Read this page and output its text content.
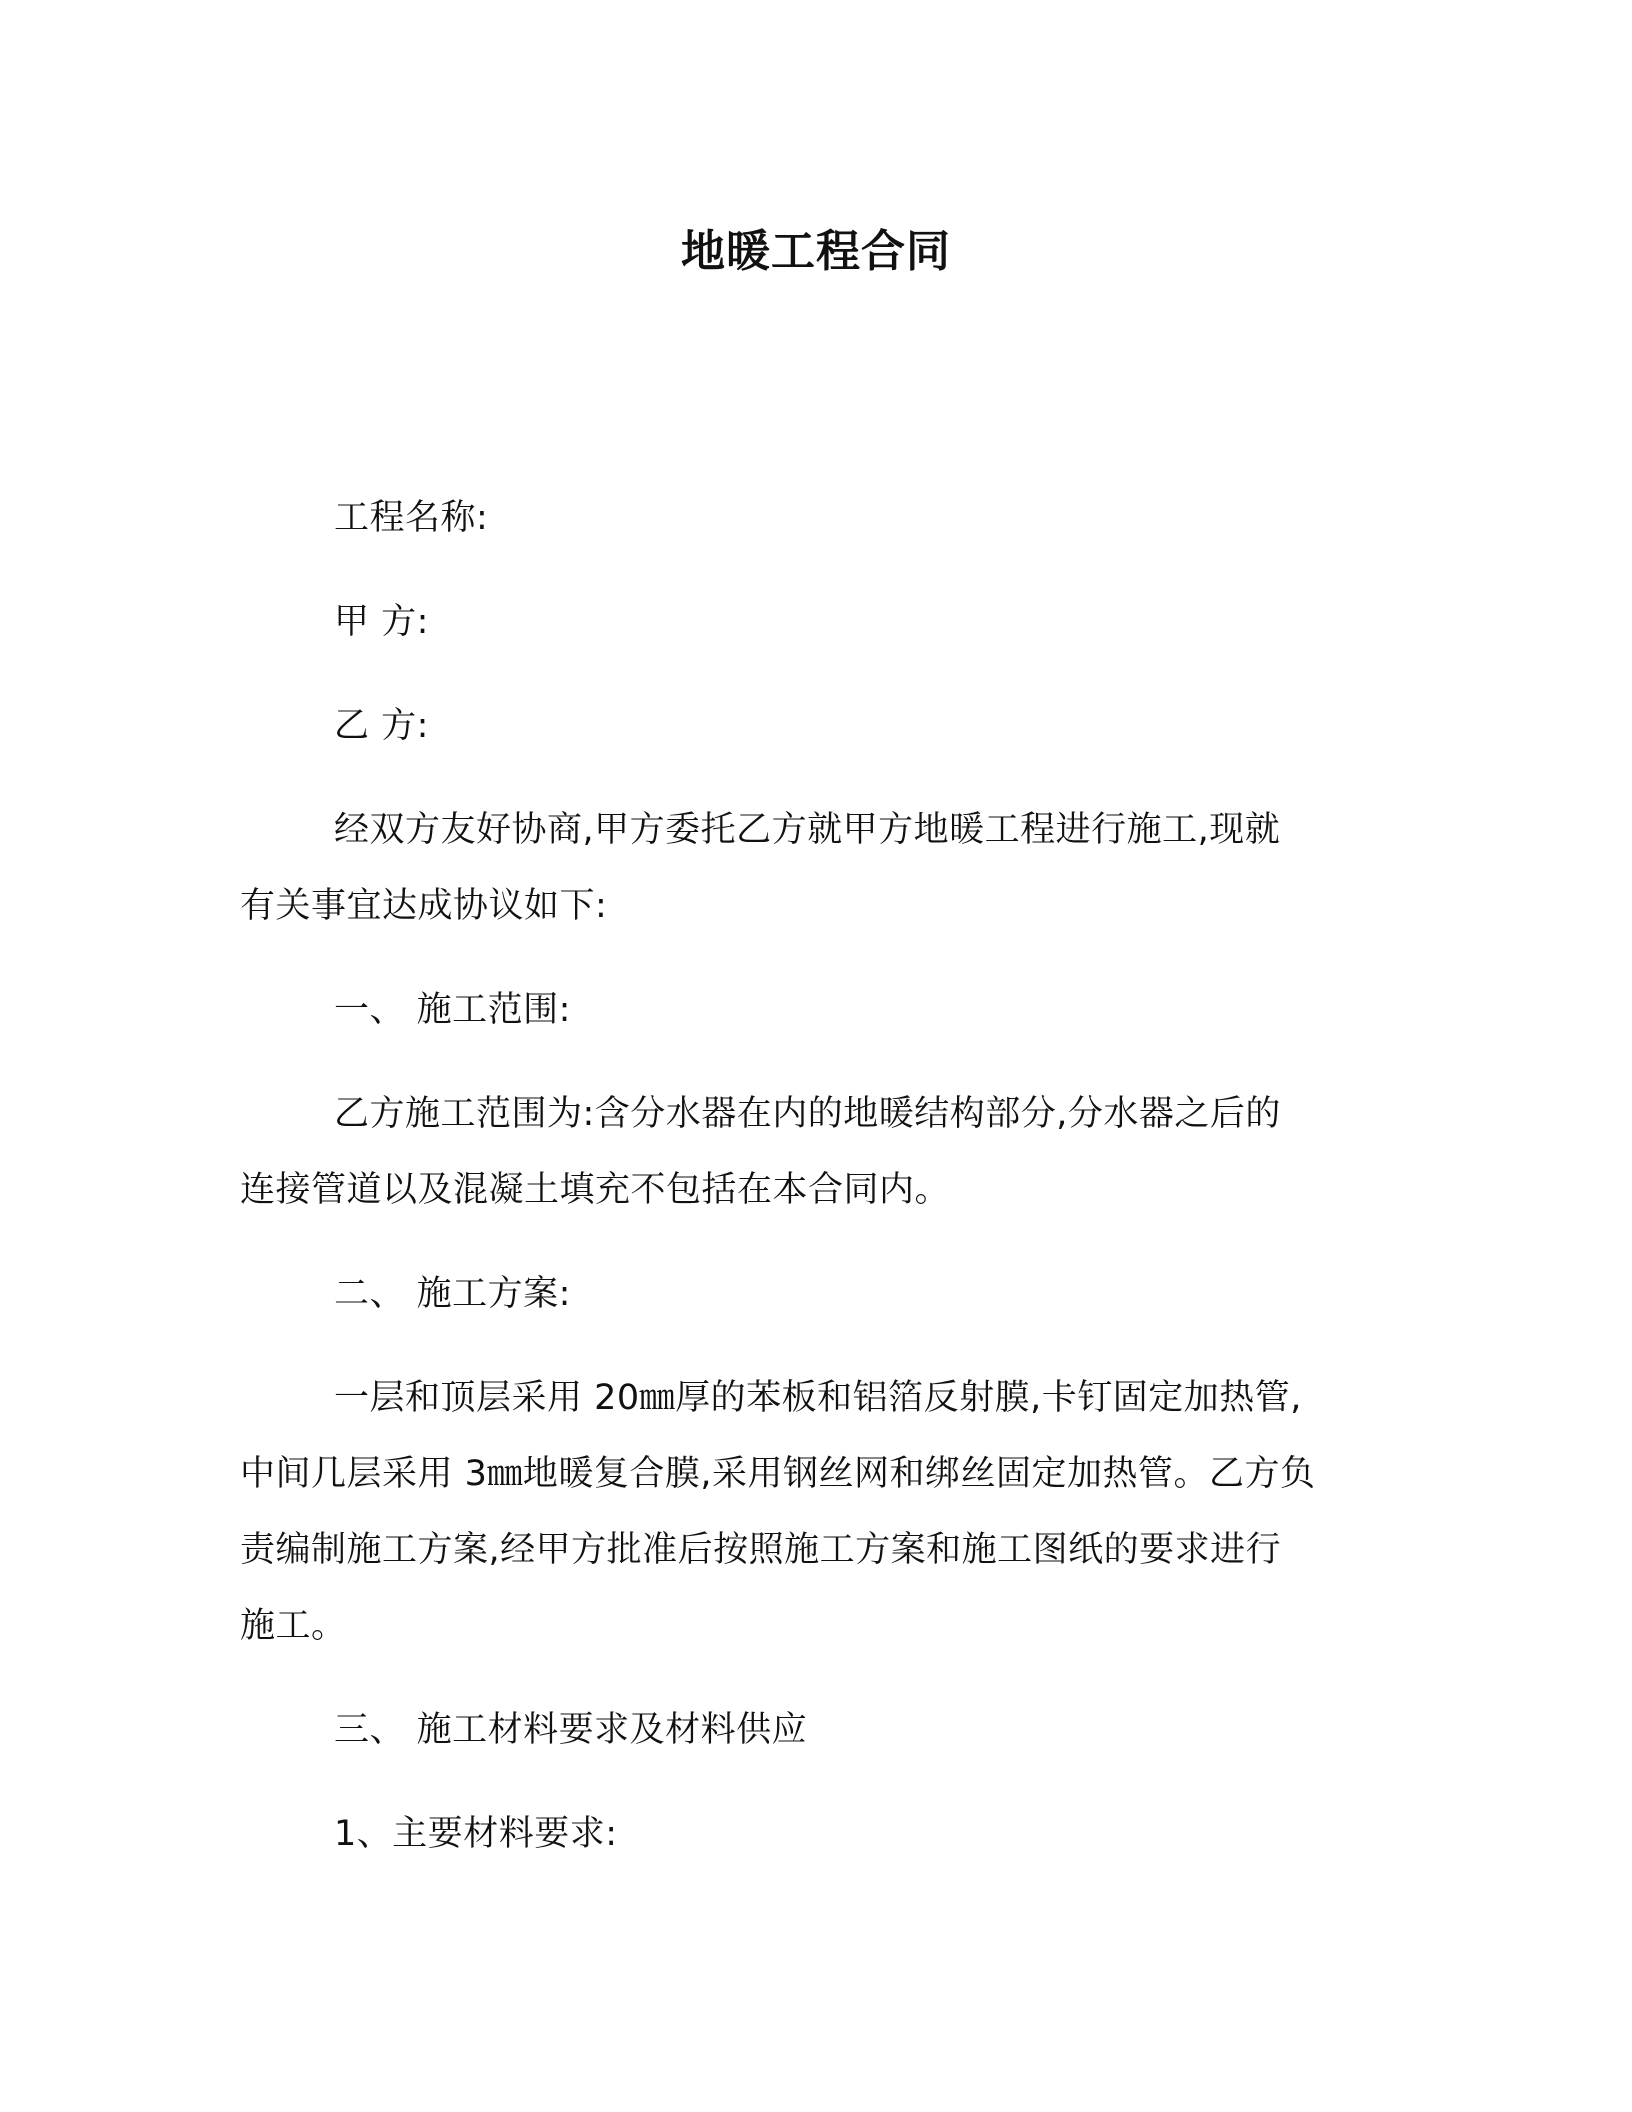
地暖工程合同
工程名称:
甲 方:
乙 方:
经双方友好协商,甲方委托乙方就甲方地暖工程进行施工,现就
有关事宜达成协议如下:
一、 施工范围:
乙方施工范围为:含分水器在内的地暖结构部分,分水器之后的
连接管道以及混凝土填充不包括在本合同内。
二、 施工方案:
一层和顶层采用 20㎜厚的苯板和铝箔反射膜,卡钉固定加热管,
中间几层采用 3㎜地暖复合膜,采用钢丝网和绑丝固定加热管。乙方负
责编制施工方案,经甲方批准后按照施工方案和施工图纸的要求进行
施工。
三、 施工材料要求及材料供应
1、主要材料要求:
